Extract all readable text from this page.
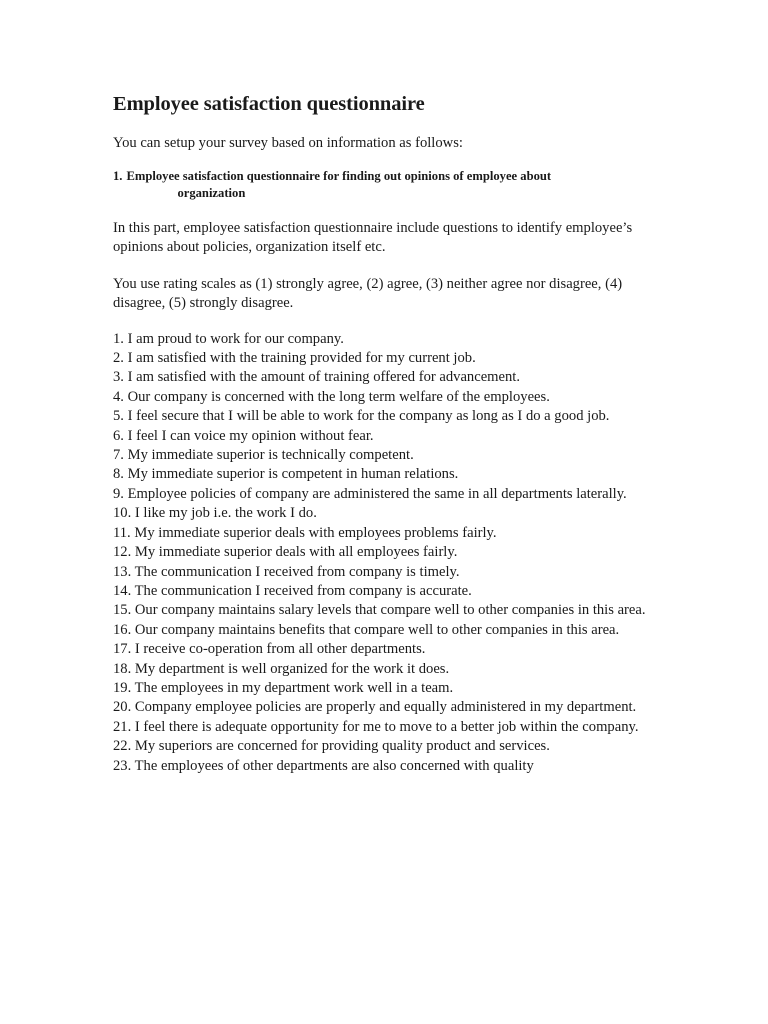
Employee satisfaction questionnaire

You can setup your survey based on information as follows:

1. Employee satisfaction questionnaire for finding out opinions of employee about
organization

In this part, employee satisfaction questionnaire include questions to identify employee’s opinions about policies, organization itself etc.

You use rating scales as (1) strongly agree, (2) agree, (3) neither agree nor disagree, (4) disagree, (5) strongly disagree.

1. I am proud to work for our company.
2. I am satisfied with the training provided for my current job.
3. I am satisfied with the amount of training offered for advancement.
4. Our company is concerned with the long term welfare of the employees.
5. I feel secure that I will be able to work for the company as long as I do a good job.
6. I feel I can voice my opinion without fear.
7. My immediate superior is technically competent.
8. My immediate superior is competent in human relations.
9. Employee policies of company are administered the same in all departments laterally.
10. I like my job i.e. the work I do.
11. My immediate superior deals with employees problems fairly.
12. My immediate superior deals with all employees fairly.
13. The communication I received from company is timely.
14. The communication I received from company is accurate.
15. Our company maintains salary levels that compare well to other companies in this area.
16. Our company maintains benefits that compare well to other companies in this area.
17. I receive co-operation from all other departments.
18. My department is well organized for the work it does.
19. The employees in my department work well in a team.
20. Company employee policies are properly and equally administered in my department.
21. I feel there is adequate opportunity for me to move to a better job within the company.
22. My superiors are concerned for providing quality product and services.
23. The employees of other departments are also concerned with quality
